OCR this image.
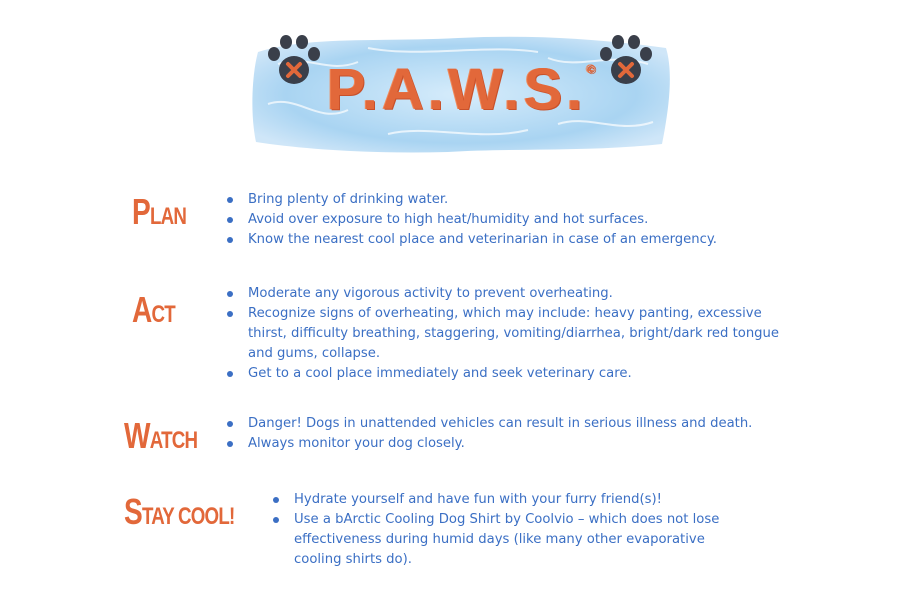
P.A.W.S.©
PLAN
Bring plenty of drinking water.
Avoid over exposure to high heat/humidity and hot surfaces.
Know the nearest cool place and veterinarian in case of an emergency.
ACT
Moderate any vigorous activity to prevent overheating.
Recognize signs of overheating, which may include: heavy panting, excessive thirst, difficulty breathing, staggering, vomiting/diarrhea, bright/dark red tongue and gums, collapse.
Get to a cool place immediately and seek veterinary care.
WATCH
Danger! Dogs in unattended vehicles can result in serious illness and death.
Always monitor your dog closely.
STAY COOL!
Hydrate yourself and have fun with your furry friend(s)!
Use a bArctic Cooling Dog Shirt by Coolvio – which does not lose effectiveness during humid days (like many other evaporative cooling shirts do).
